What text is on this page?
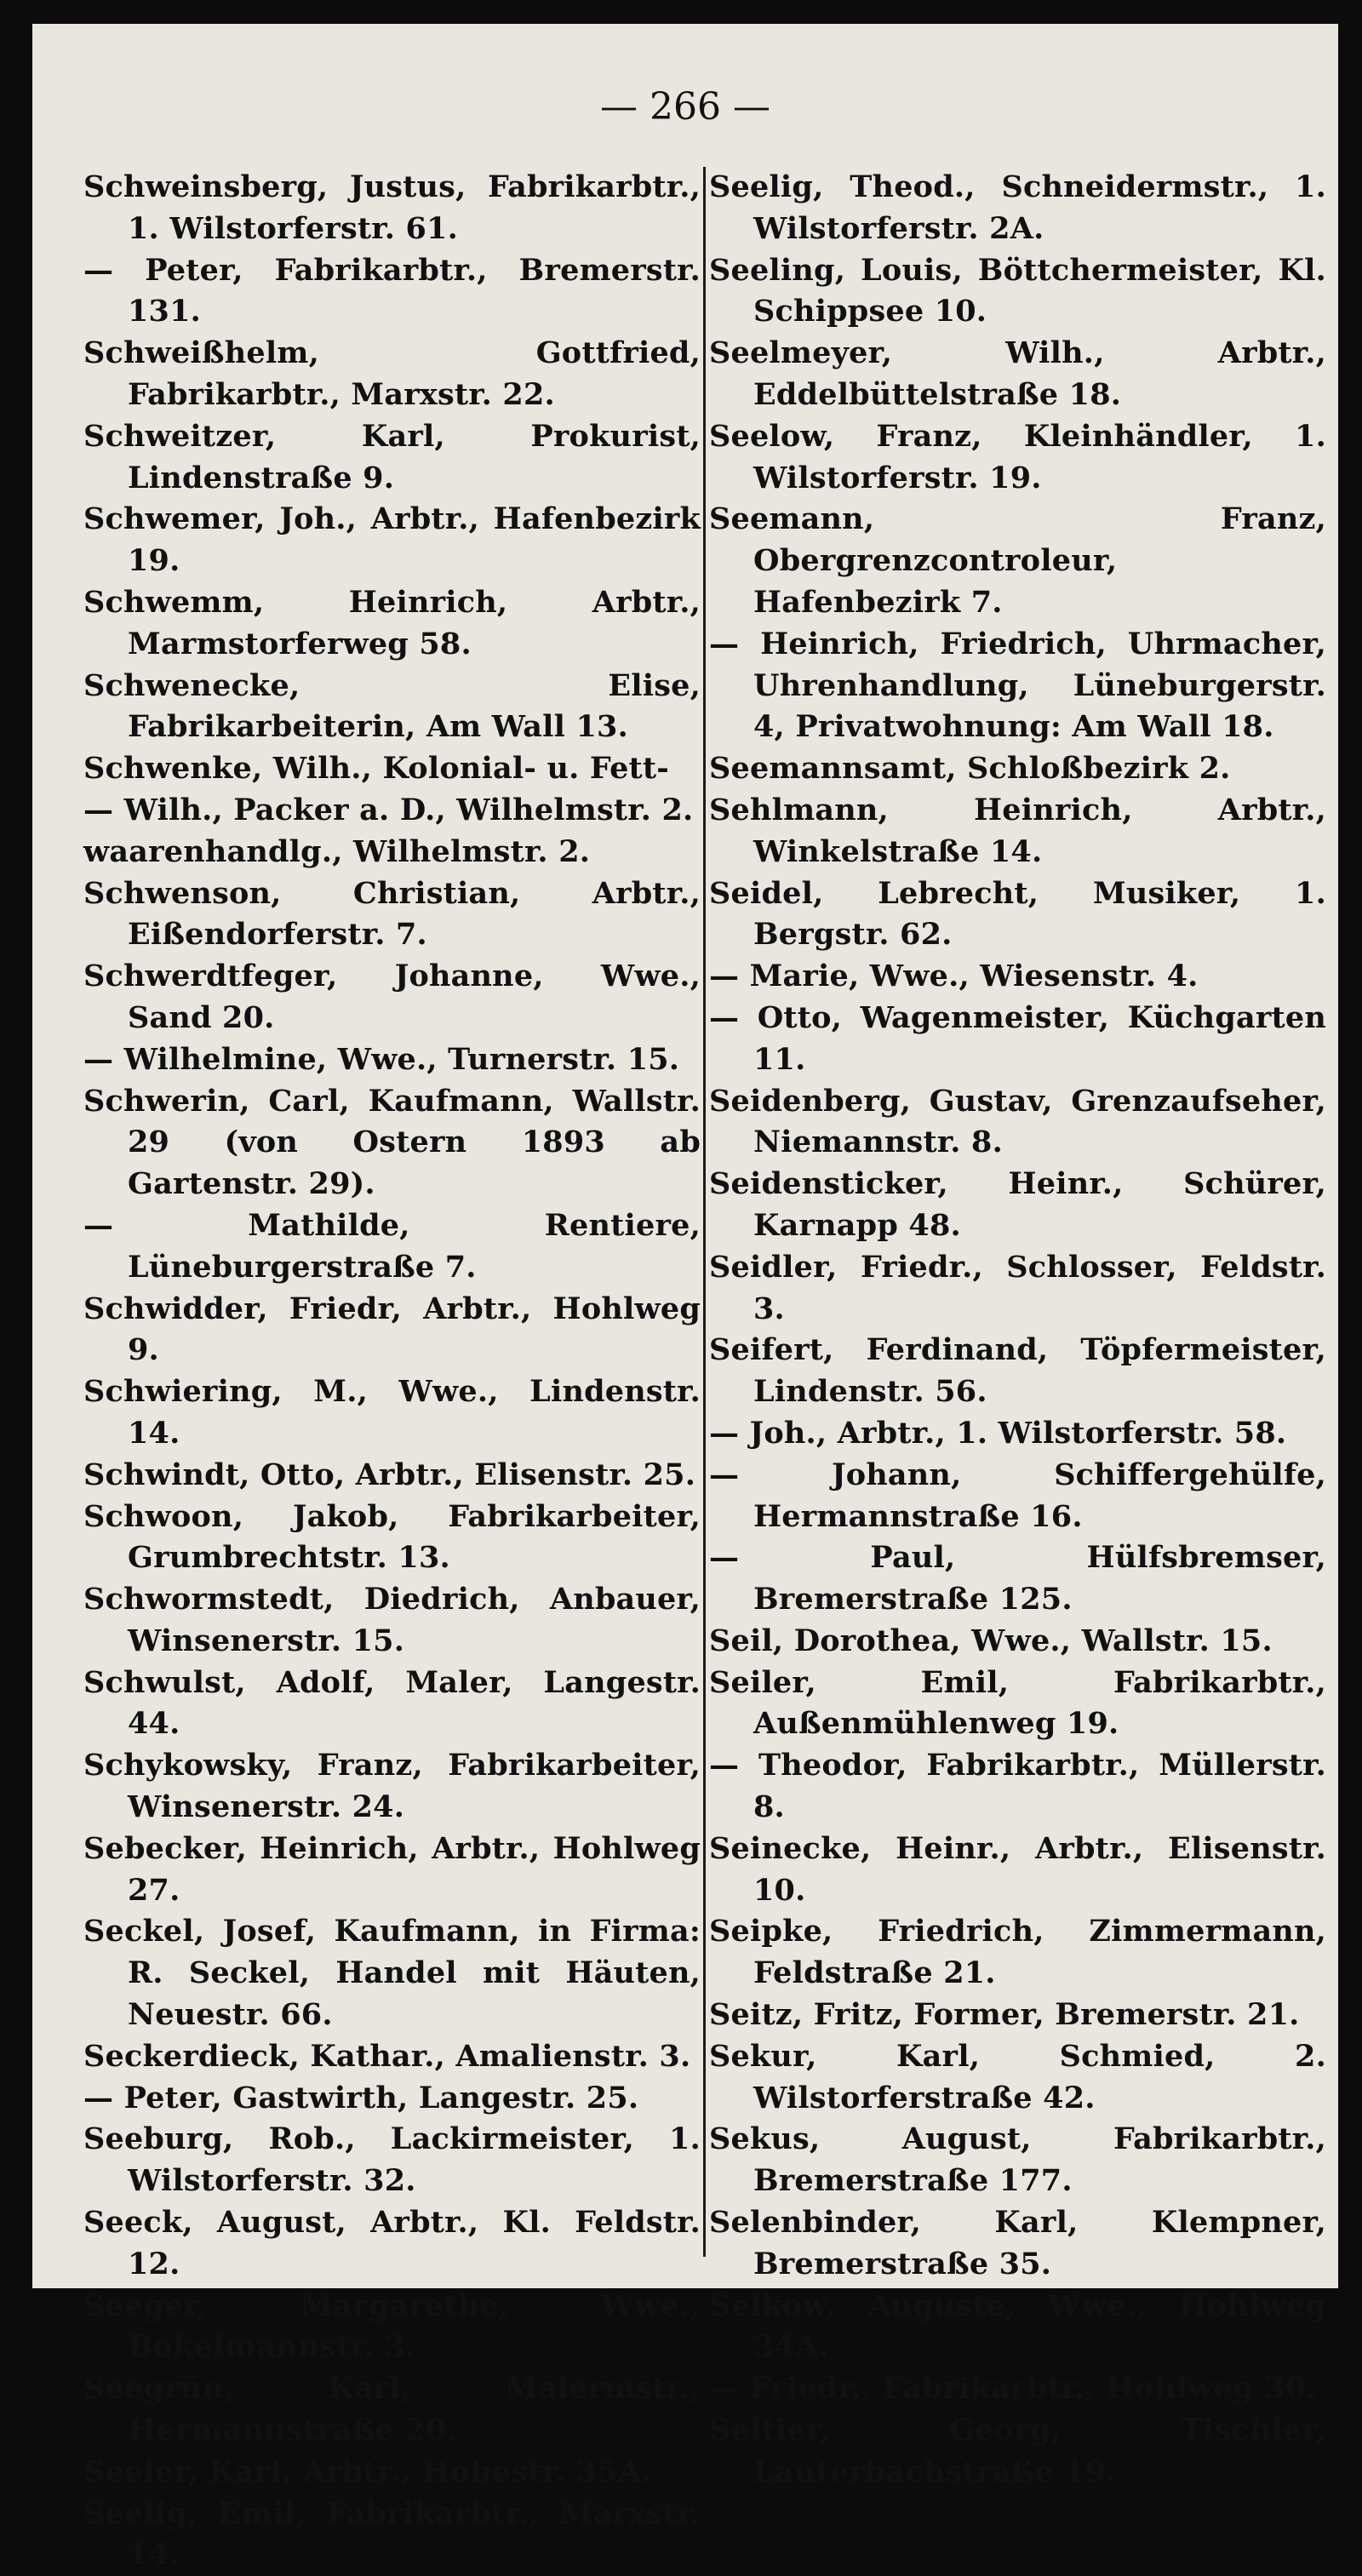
— 266 —
Schweinsberg, Justus, Fabrikarbtr., 1. Wilstorferstr. 61.
— Peter, Fabrikarbtr., Bremerstr. 131.
Schweißhelm, Gottfried, Fabrikarbtr., Marxstr. 22.
Schweitzer, Karl, Prokurist, Lindenstraße 9.
Schwemer, Joh., Arbtr., Hafenbezirk 19.
Schwemm, Heinrich, Arbtr., Marmstorferweg 58.
Schwenecke, Elise, Fabrikarbeiterin, Am Wall 13.
Schwenke, Wilh., Kolonial- u. Fett-
— Wilh., Packer a. D., Wilhelmstr. 2.
waarenhandlg., Wilhelmstr. 2.
Schwenson, Christian, Arbtr., Eißendorferstr. 7.
Schwerdtfeger, Johanne, Wwe., Sand 20.
— Wilhelmine, Wwe., Turnerstr. 15.
Schwerin, Carl, Kaufmann, Wallstr. 29 (von Ostern 1893 ab Gartenstr. 29).
— Mathilde, Rentiere, Lüneburgerstraße 7.
Schwidder, Friedr, Arbtr., Hohlweg 9.
Schwiering, M., Wwe., Lindenstr. 14.
Schwindt, Otto, Arbtr., Elisenstr. 25.
Schwoon, Jakob, Fabrikarbeiter, Grumbrechtstr. 13.
Schwormstedt, Diedrich, Anbauer, Winsenerstr. 15.
Schwulst, Adolf, Maler, Langestr. 44.
Schykowsky, Franz, Fabrikarbeiter, Winsenerstr. 24.
Sebecker, Heinrich, Arbtr., Hohlweg 27.
Seckel, Josef, Kaufmann, in Firma: R. Seckel, Handel mit Häuten, Neuestr. 66.
Seckerdieck, Kathar., Amalienstr. 3.
— Peter, Gastwirth, Langestr. 25.
Seeburg, Rob., Lackirmeister, 1. Wilstorferstr. 32.
Seeck, August, Arbtr., Kl. Feldstr. 12.
Seeger, Margarethe, Wwe., Bokelmannstr. 3.
Seegrün, Karl, Malermstr., Hermannstraße 20.
Seeler, Karl, Arbtr., Hohestr. 35A.
Seelig, Emil, Fabrikarbtr., Marxstr. 14.
Seelig, Theod., Schneidermstr., 1. Wilstorferstr. 2A.
Seeling, Louis, Böttchermeister, Kl. Schippsee 10.
Seelmeyer, Wilh., Arbtr., Eddelbüttelstraße 18.
Seelow, Franz, Kleinhändler, 1. Wilstorferstr. 19.
Seemann, Franz, Obergrenzcontroleur, Hafenbezirk 7.
— Heinrich, Friedrich, Uhrmacher, Uhrenhandlung, Lüneburgerstr. 4, Privatwohnung: Am Wall 18.
Seemannsamt, Schloßbezirk 2.
Sehlmann, Heinrich, Arbtr., Winkelstraße 14.
Seidel, Lebrecht, Musiker, 1. Bergstr. 62.
— Marie, Wwe., Wiesenstr. 4.
— Otto, Wagenmeister, Küchgarten 11.
Seidenberg, Gustav, Grenzaufseher, Niemannstr. 8.
Seidensticker, Heinr., Schürer, Karnapp 48.
Seidler, Friedr., Schlosser, Feldstr. 3.
Seifert, Ferdinand, Töpfermeister, Lindenstr. 56.
— Joh., Arbtr., 1. Wilstorferstr. 58.
— Johann, Schiffergehülfe, Hermannstraße 16.
— Paul, Hülfsbremser, Bremerstraße 125.
Seil, Dorothea, Wwe., Wallstr. 15.
Seiler, Emil, Fabrikarbtr., Außenmühlenweg 19.
— Theodor, Fabrikarbtr., Müllerstr. 8.
Seinecke, Heinr., Arbtr., Elisenstr. 10.
Seipke, Friedrich, Zimmermann, Feldstraße 21.
Seitz, Fritz, Former, Bremerstr. 21.
Sekur, Karl, Schmied, 2. Wilstorferstraße 42.
Sekus, August, Fabrikarbtr., Bremerstraße 177.
Selenbinder, Karl, Klempner, Bremerstraße 35.
Selkow, Auguste, Wwe., Hohlweg 34A.
— Friedr., Fabrikarbtr., Hohlweg 30.
Seltier, Georg, Tischler, Lauterbachstraße 19.
